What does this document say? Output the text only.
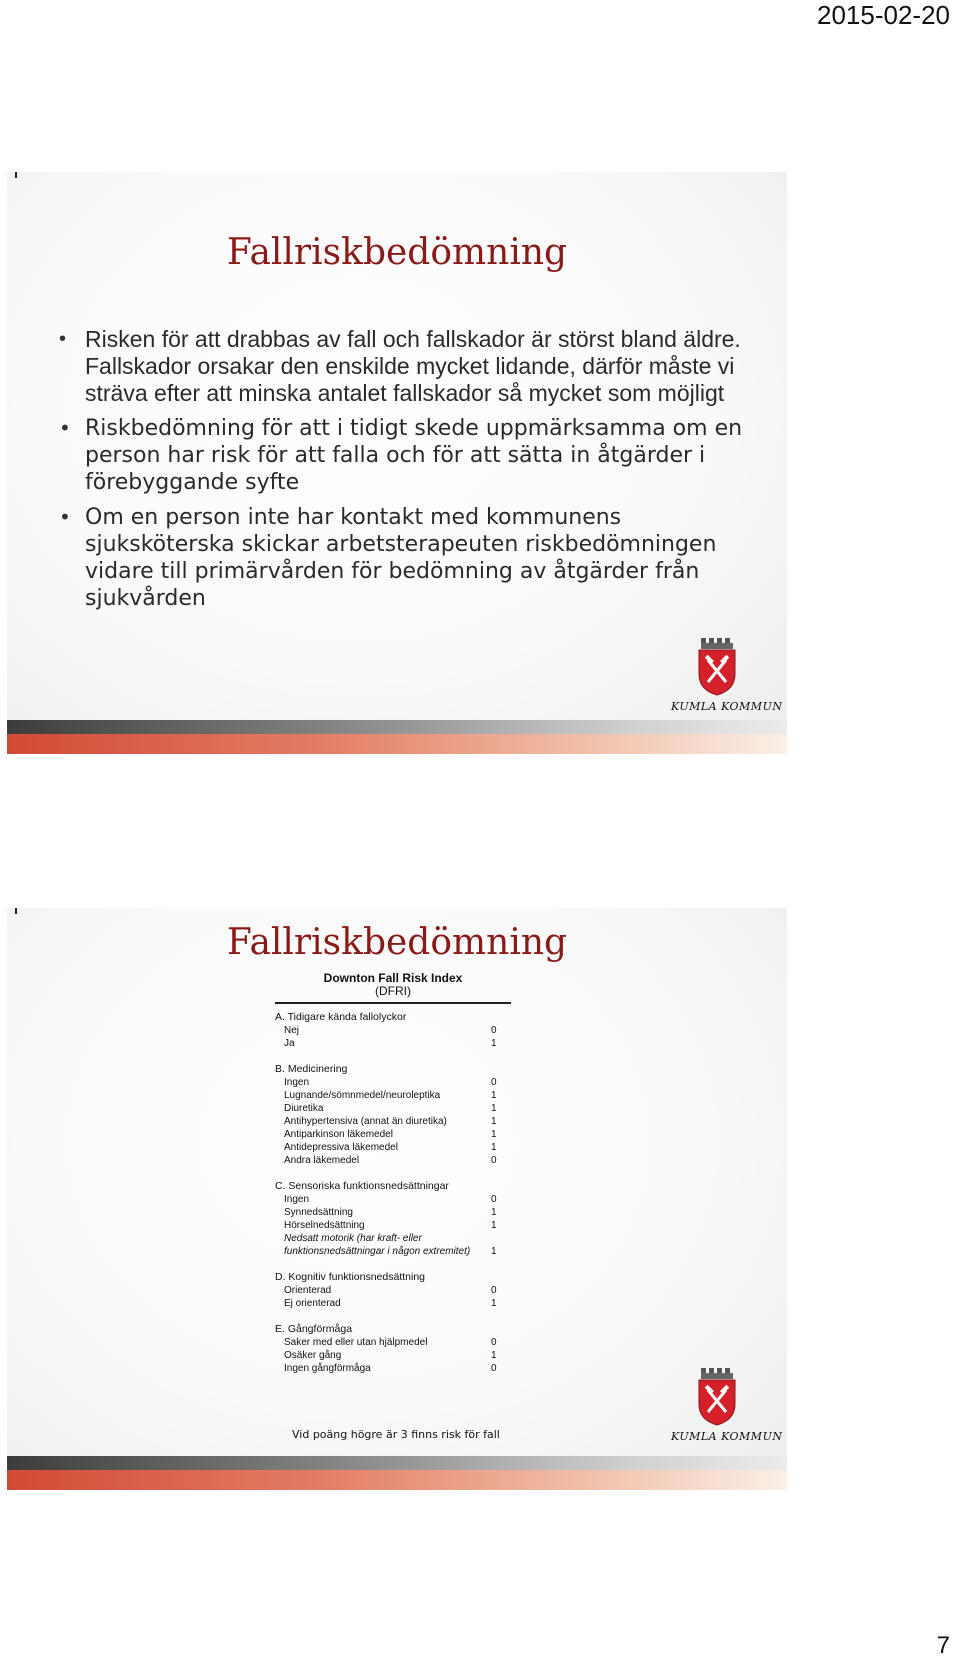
2015-02-20
Fallriskbedömning
• Risken för att drabbas av fall och fallskador är störst bland äldre. Fallskador orsakar den enskilde mycket lidande, därför måste vi sträva efter att minska antalet fallskador så mycket som möjligt
• Riskbedömning för att i tidigt skede uppmärksamma om en person har risk för att falla och för att sätta in åtgärder i förebyggande syfte
• Om en person inte har kontakt med kommunens sjuksköterska skickar arbetsterapeuten riskbedömningen vidare till primärvården för bedömning av åtgärder från sjukvården
KUMLA KOMMUN
Fallriskbedömning
Downton Fall Risk Index
(DFRI)
A. Tidigare kända fallolyckor
Nej	0
Ja	1
B. Medicinering
Ingen	0
Lugnande/sömnmedel/neuroleptika	1
Diuretika	1
Antihypertensiva (annat än diuretika)	1
Antiparkinson läkemedel	1
Antidepressiva läkemedel	1
Andra läkemedel	0
C. Sensoriska funktionsnedsättningar
Ingen	0
Synnedsättning	1
Hörselnedsättning	1
Nedsatt motorik (har kraft- eller
funktionsnedsättningar i någon extremitet) 1
D. Kognitiv funktionsnedsättning
Orienterad	0
Ej orienterad	1
E. Gångförmåga
Saker med eller utan hjälpmedel	0
Osäker gång	1
Ingen gångförmåga	0
Vid poäng högre är 3 finns risk för fall	KUMLA KOMMUN
7
